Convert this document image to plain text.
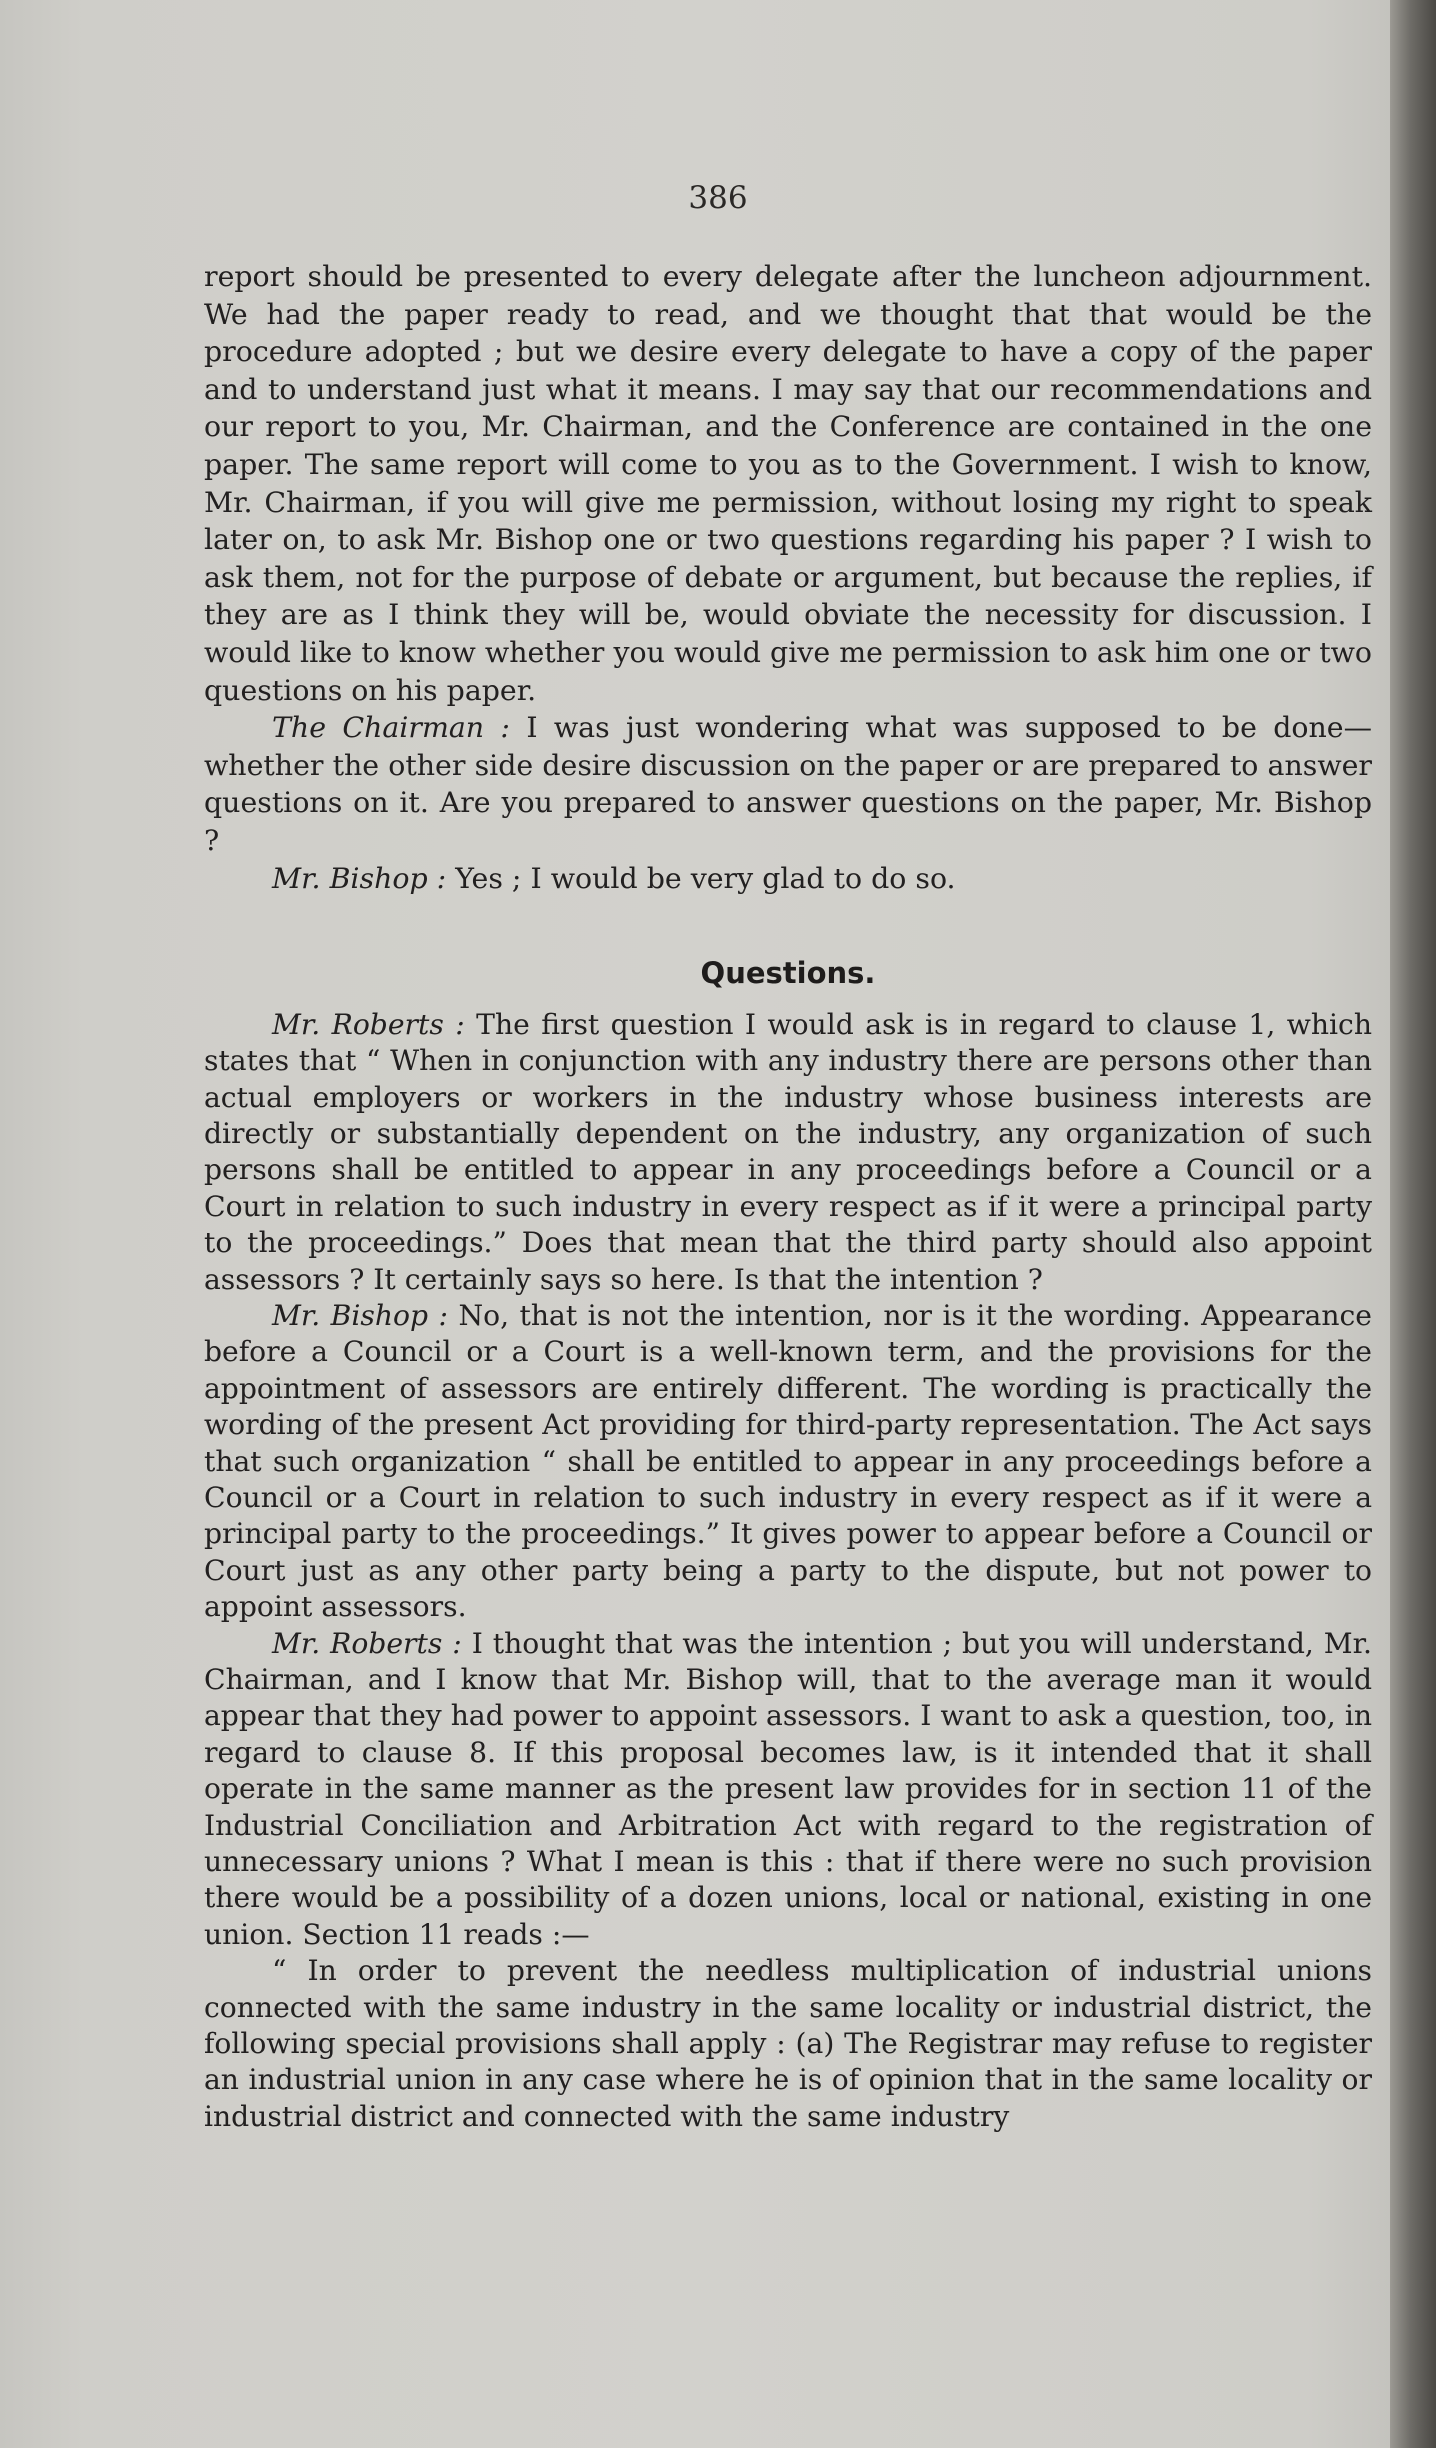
386

report should be presented to every delegate after the luncheon adjournment. We had the paper ready to read, and we thought that that would be the procedure adopted ; but we desire every delegate to have a copy of the paper and to understand just what it means. I may say that our recommendations and our report to you, Mr. Chairman, and the Conference are contained in the one paper. The same report will come to you as to the Government. I wish to know, Mr. Chairman, if you will give me permission, without losing my right to speak later on, to ask Mr. Bishop one or two questions regarding his paper ? I wish to ask them, not for the purpose of debate or argument, but because the replies, if they are as I think they will be, would obviate the necessity for discussion. I would like to know whether you would give me permission to ask him one or two questions on his paper.

The Chairman : I was just wondering what was supposed to be done—whether the other side desire discussion on the paper or are prepared to answer questions on it. Are you prepared to answer questions on the paper, Mr. Bishop ?

Mr. Bishop : Yes ; I would be very glad to do so.

Questions.

Mr. Roberts : The first question I would ask is in regard to clause 1, which states that “ When in conjunction with any industry there are persons other than actual employers or workers in the industry whose business interests are directly or substantially dependent on the industry, any organization of such persons shall be entitled to appear in any proceedings before a Council or a Court in relation to such industry in every respect as if it were a principal party to the proceedings.” Does that mean that the third party should also appoint assessors ? It certainly says so here. Is that the intention ?

Mr. Bishop : No, that is not the intention, nor is it the wording. Appearance before a Council or a Court is a well-known term, and the provisions for the appointment of assessors are entirely different. The wording is practically the wording of the present Act providing for third-party representation. The Act says that such organization “ shall be entitled to appear in any proceedings before a Council or a Court in relation to such industry in every respect as if it were a principal party to the proceedings.” It gives power to appear before a Council or Court just as any other party being a party to the dispute, but not power to appoint assessors.

Mr. Roberts : I thought that was the intention ; but you will understand, Mr. Chairman, and I know that Mr. Bishop will, that to the average man it would appear that they had power to appoint assessors. I want to ask a question, too, in regard to clause 8. If this proposal becomes law, is it intended that it shall operate in the same manner as the present law provides for in section 11 of the Industrial Conciliation and Arbitration Act with regard to the registration of unnecessary unions ? What I mean is this : that if there were no such provision there would be a possibility of a dozen unions, local or national, existing in one union. Section 11 reads :—

“ In order to prevent the needless multiplication of industrial unions connected with the same industry in the same locality or industrial district, the following special provisions shall apply : (a) The Registrar may refuse to register an industrial union in any case where he is of opinion that in the same locality or industrial district and connected with the same industry
